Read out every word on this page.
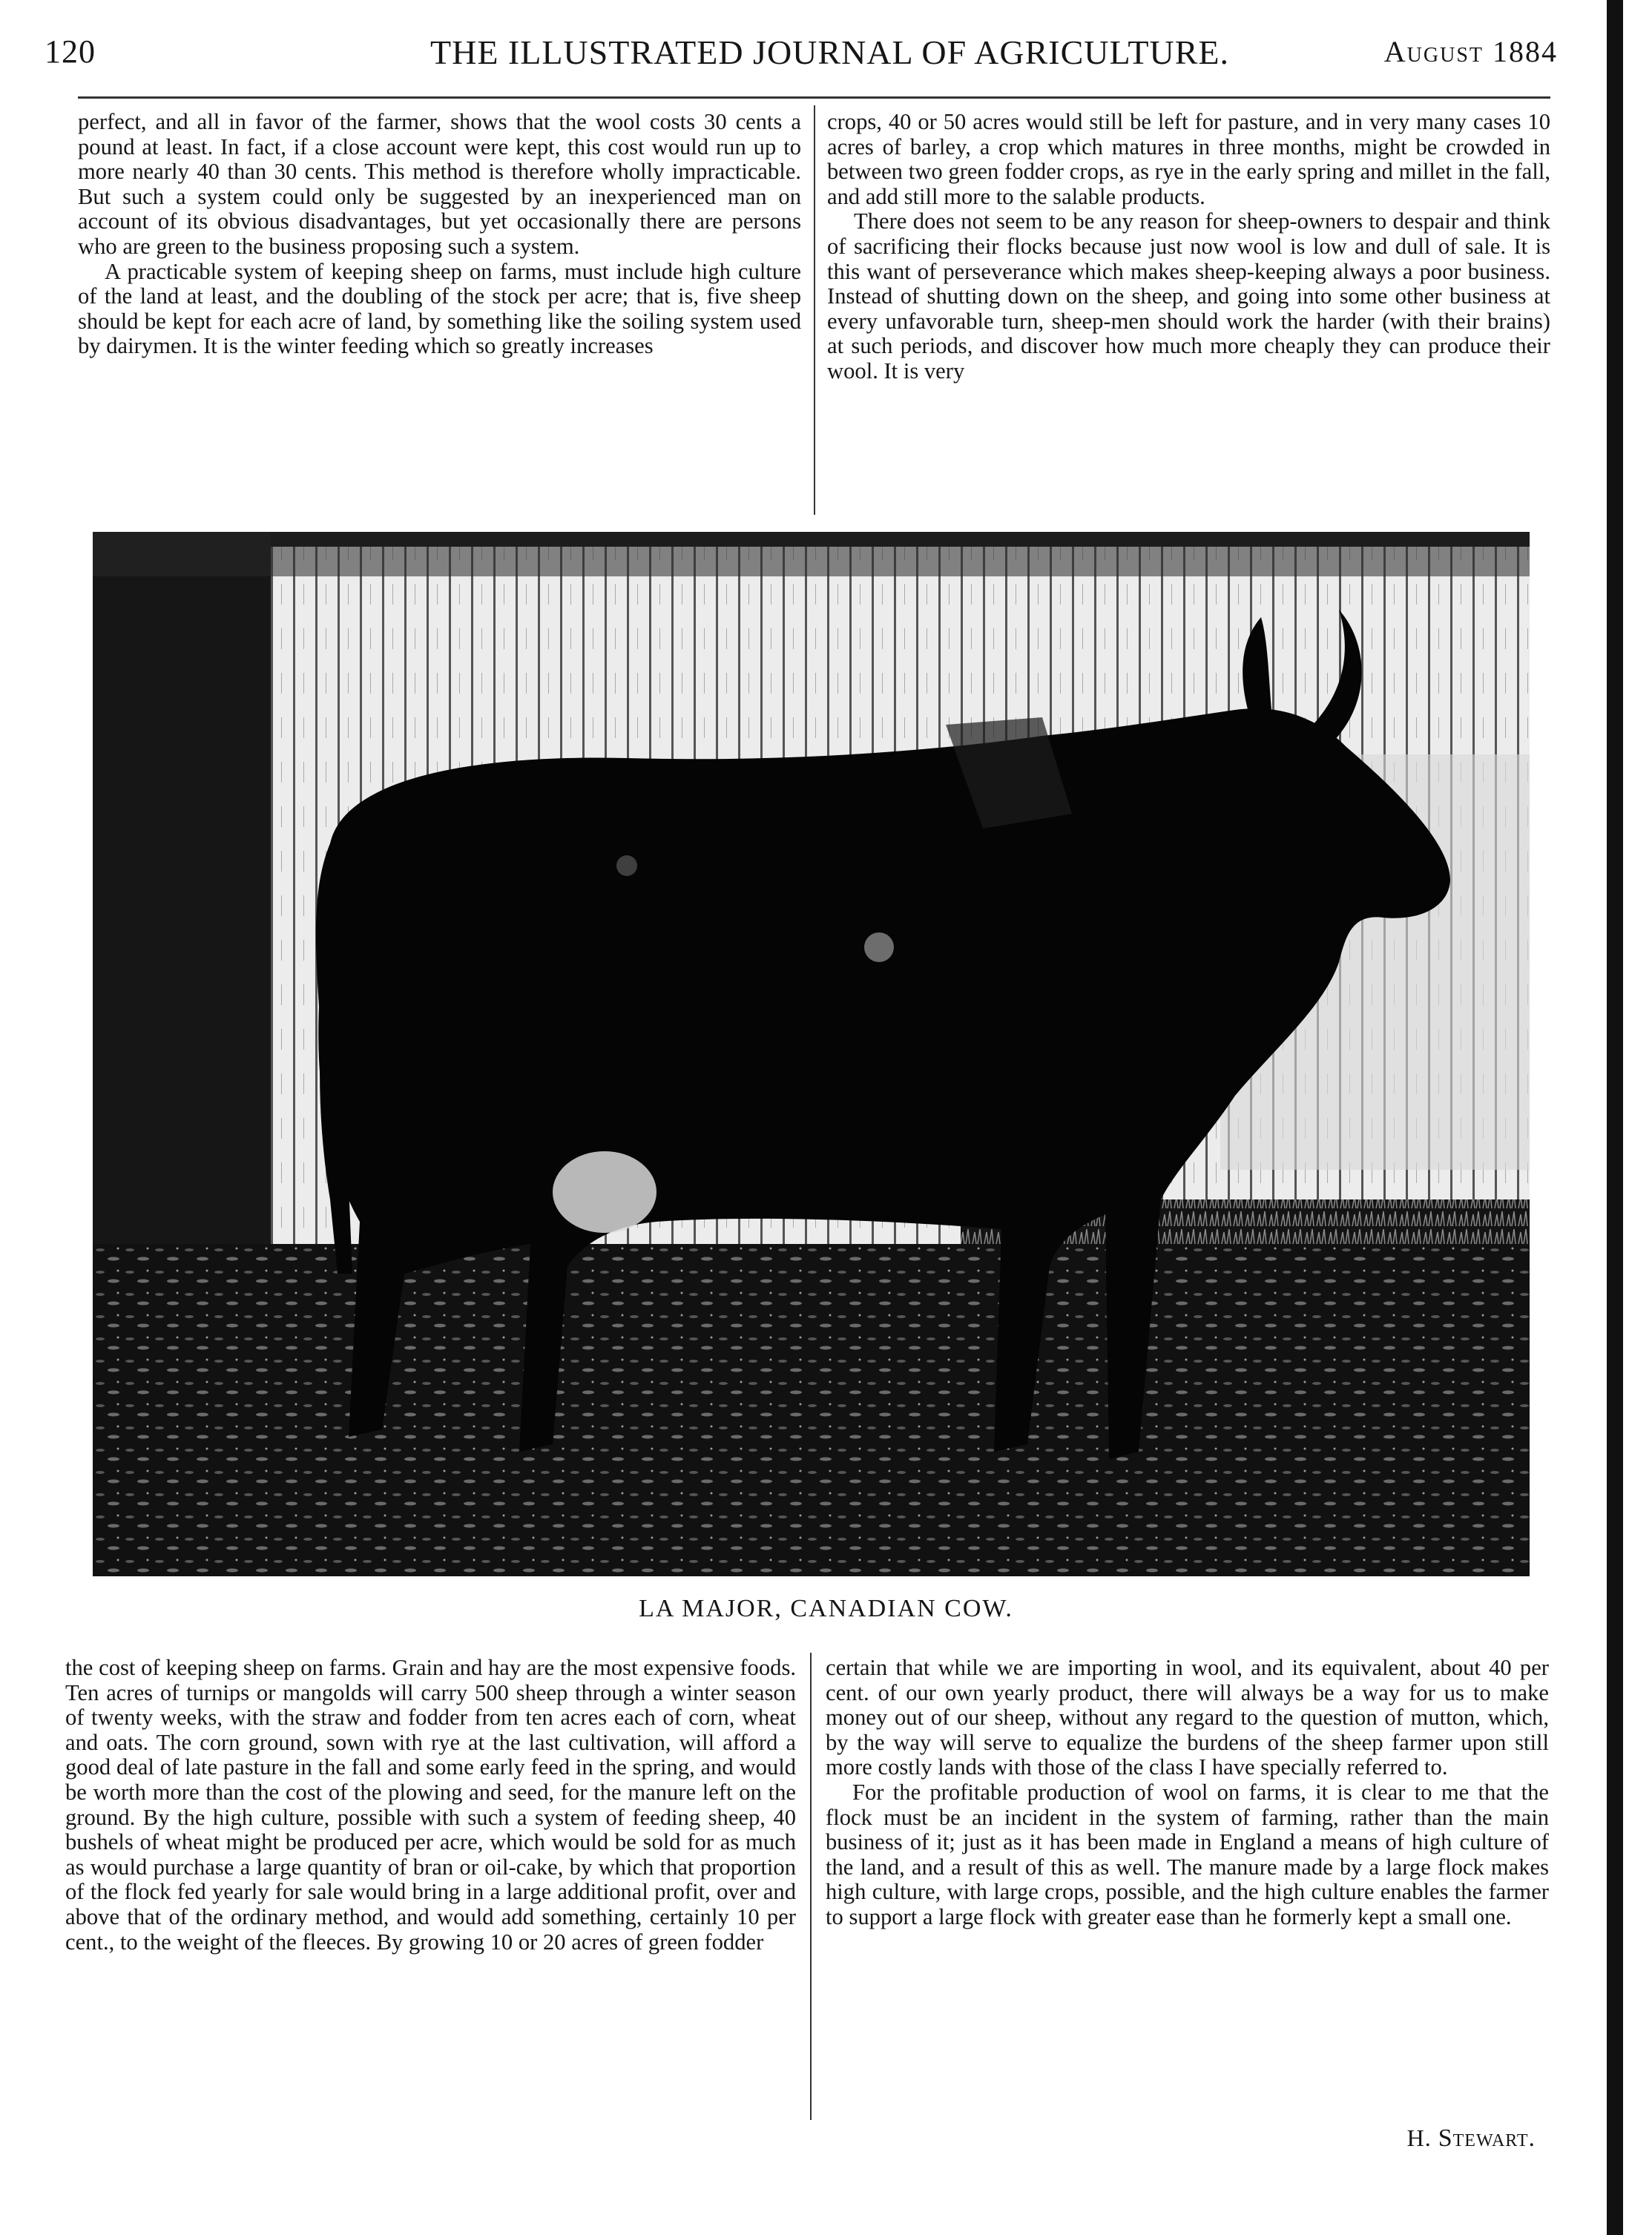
120	THE ILLUSTRATED JOURNAL OF AGRICULTURE.	August 1884

perfect, and all in favor of the farmer, shows that the wool costs 30 cents a pound at least. In fact, if a close account were kept, this cost would run up to more nearly 40 than 30 cents. This method is therefore wholly impracticable. But such a system could only be suggested by an inexperienced man on account of its obvious disadvantages, but yet occasionally there are persons who are green to the business proposing such a system.

A practicable system of keeping sheep on farms, must include high culture of the land at least, and the doubling of the stock per acre; that is, five sheep should be kept for each acre of land, by something like the soiling system used by dairymen. It is the winter feeding which so greatly increases

crops, 40 or 50 acres would still be left for pasture, and in very many cases 10 acres of barley, a crop which matures in three months, might be crowded in between two green fodder crops, as rye in the early spring and millet in the fall, and add still more to the salable products.

There does not seem to be any reason for sheep-owners to despair and think of sacrificing their flocks because just now wool is low and dull of sale. It is this want of perseverance which makes sheep-keeping always a poor business. Instead of shutting down on the sheep, and going into some other business at every unfavorable turn, sheep-men should work the harder (with their brains) at such periods, and discover how much more cheaply they can produce their wool. It is very

LA MAJOR, CANADIAN COW.

the cost of keeping sheep on farms. Grain and hay are the most expensive foods. Ten acres of turnips or mangolds will carry 500 sheep through a winter season of twenty weeks, with the straw and fodder from ten acres each of corn, wheat and oats. The corn ground, sown with rye at the last cultivation, will afford a good deal of late pasture in the fall and some early feed in the spring, and would be worth more than the cost of the plowing and seed, for the manure left on the ground. By the high culture, possible with such a system of feeding sheep, 40 bushels of wheat might be produced per acre, which would be sold for as much as would purchase a large quantity of bran or oil-cake, by which that proportion of the flock fed yearly for sale would bring in a large additional profit, over and above that of the ordinary method, and would add something, certainly 10 per cent., to the weight of the fleeces. By growing 10 or 20 acres of green fodder

certain that while we are importing in wool, and its equivalent, about 40 per cent. of our own yearly product, there will always be a way for us to make money out of our sheep, without any regard to the question of mutton, which, by the way will serve to equalize the burdens of the sheep farmer upon still more costly lands with those of the class I have specially referred to.

For the profitable production of wool on farms, it is clear to me that the flock must be an incident in the system of farming, rather than the main business of it; just as it has been made in England a means of high culture of the land, and a result of this as well. The manure made by a large flock makes high culture, with large crops, possible, and the high culture enables the farmer to support a large flock with greater ease than he formerly kept a small one.

H. Stewart.
